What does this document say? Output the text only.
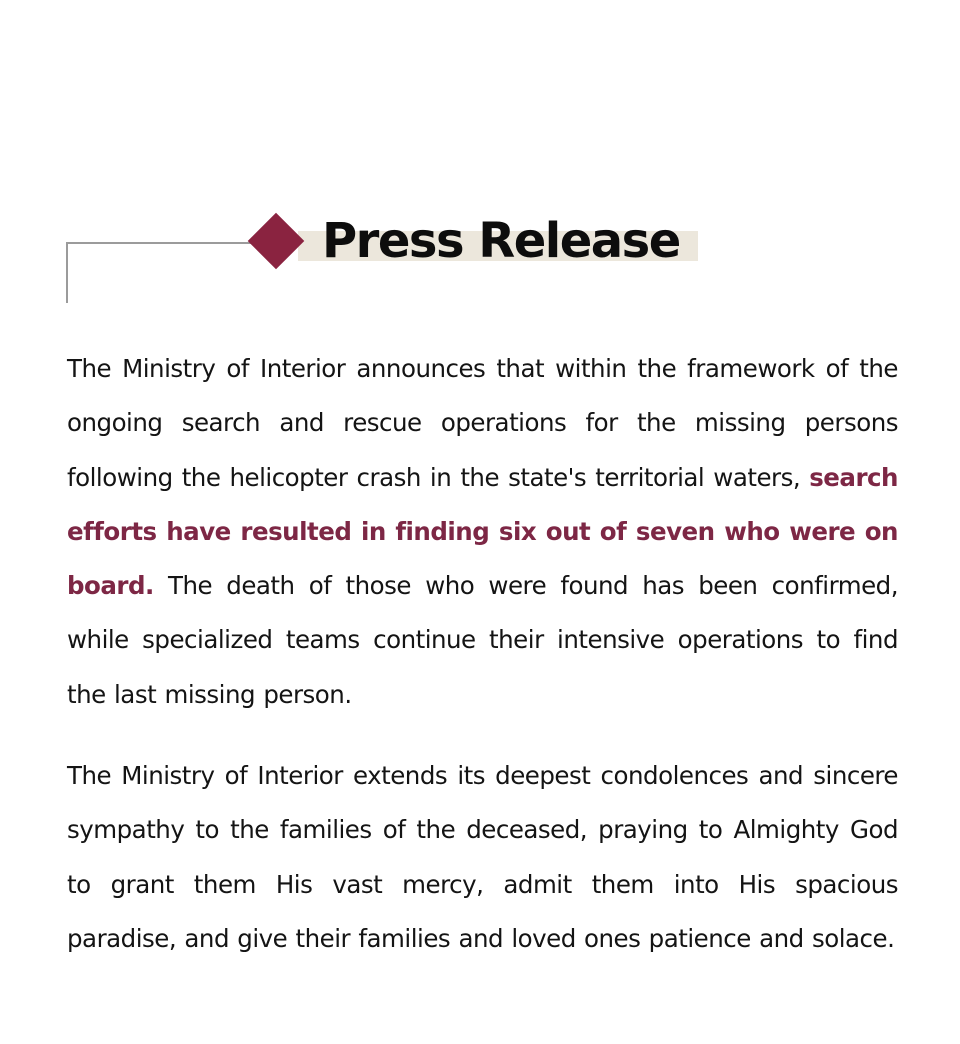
Press Release

The Ministry of Interior announces that within the framework of the ongoing search and rescue operations for the missing persons following the helicopter crash in the state's territorial waters, search efforts have resulted in finding six out of seven who were on board. The death of those who were found has been confirmed, while specialized teams continue their intensive operations to find the last missing person.

The Ministry of Interior extends its deepest condolences and sincere sympathy to the families of the deceased, praying to Almighty God to grant them His vast mercy, admit them into His spacious paradise, and give their families and loved ones patience and solace.
